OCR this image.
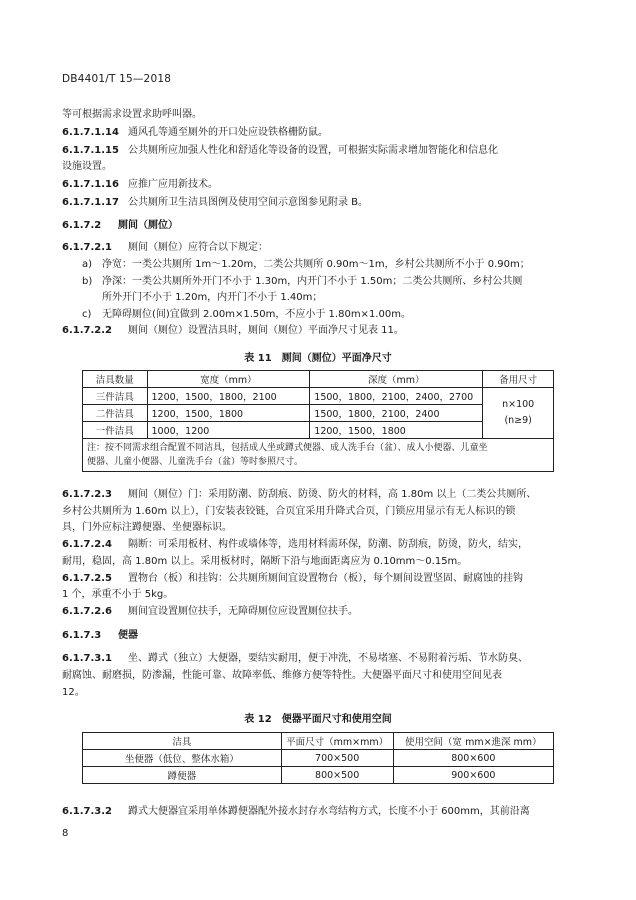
DB4401/T 15—2018
等可根据需求设置求助呼叫器。
6.1.7.1.14 通风孔等通至厕外的开口处应设铁格栅防鼠。
6.1.7.1.15 公共厕所应加强人性化和舒适化等设备的设置，可根据实际需求增加智能化和信息化
设施设置。
6.1.7.1.16 应推广应用新技术。
6.1.7.1.17 公共厕所卫生洁具图例及使用空间示意图参见附录 B。
6.1.7.2 厕间（厕位）
6.1.7.2.1 厕间（厕位）应符合以下规定：
a) 净宽：一类公共厕所 1m～1.20m，二类公共厕所 0.90m～1m，乡村公共厕所不小于 0.90m；
b) 净深：一类公共厕所外开门不小于 1.30m，内开门不小于 1.50m；二类公共厕所、乡村公共厕
所外开门不小于 1.20m，内开门不小于 1.40m；
c) 无障碍厕位(间)宜做到 2.00m×1.50m，不应小于 1.80m×1.00m。
6.1.7.2.2 厕间（厕位）设置洁具时，厕间（厕位）平面净尺寸见表 11。
表 11　厕间（厕位）平面净尺寸
洁具数量	宽度（mm）	深度（mm）	备用尺寸
三件洁具	1200，1500，1800，2100	1500，1800，2100，2400，2700	n×100
(n≥9)

二件洁具	1200，1500，1800	1500，1800，2100，2400	
一件洁具	1000，1200	1200，1500，1800	

注：按不同需求组合配置不同洁具，包括成人坐或蹲式便器、成人洗手台（盆）、成人小便器、儿童坐
便器、儿童小便器、儿童洗手台（盆）等时参照尺寸。			
6.1.7.2.3 厕间（厕位）门：采用防潮、防刮痕、防烫、防火的材料，高 1.80m 以上（二类公共厕所、
乡村公共厕所为 1.60m 以上），门安装表铰链，合页宜采用升降式合页，门锁应用显示有无人标识的锁
具，门外应标注蹲便器、坐便器标识。
6.1.7.2.4 隔断：可采用板材、构件或墙体等，选用材料需环保，防潮、防刮痕，防烫，防火，结实，
耐用，稳固，高 1.80m 以上。采用板材时，隔断下沿与地面距离应为 0.10mm～0.15m。
6.1.7.2.5 置物台（板）和挂钩：公共厕所厕间宜设置物台（板），每个厕间设置坚固、耐腐蚀的挂钩
1 个，承重不小于 5kg。
6.1.7.2.6 厕间宜设置厕位扶手，无障碍厕位应设置厕位扶手。
6.1.7.3 便器
6.1.7.3.1 坐、蹲式（独立）大便器，要结实耐用，便于冲洗，不易堵塞、不易附着污垢、节水防臭、
耐腐蚀、耐磨损，防渗漏，性能可靠、故障率低、维修方便等特性。大便器平面尺寸和使用空间见表
12。
表 12　便器平面尺寸和使用空间
洁具	平面尺寸（mm×mm）	使用空间（宽 mm×進深 mm）
坐便器（低位、整体水箱）	700×500	800×600
蹲便器	800×500	900×600
6.1.7.3.2 蹲式大便器宜采用单体蹲便器配外接水封存水弯结构方式，长度不小于 600mm，其前沿离
8
